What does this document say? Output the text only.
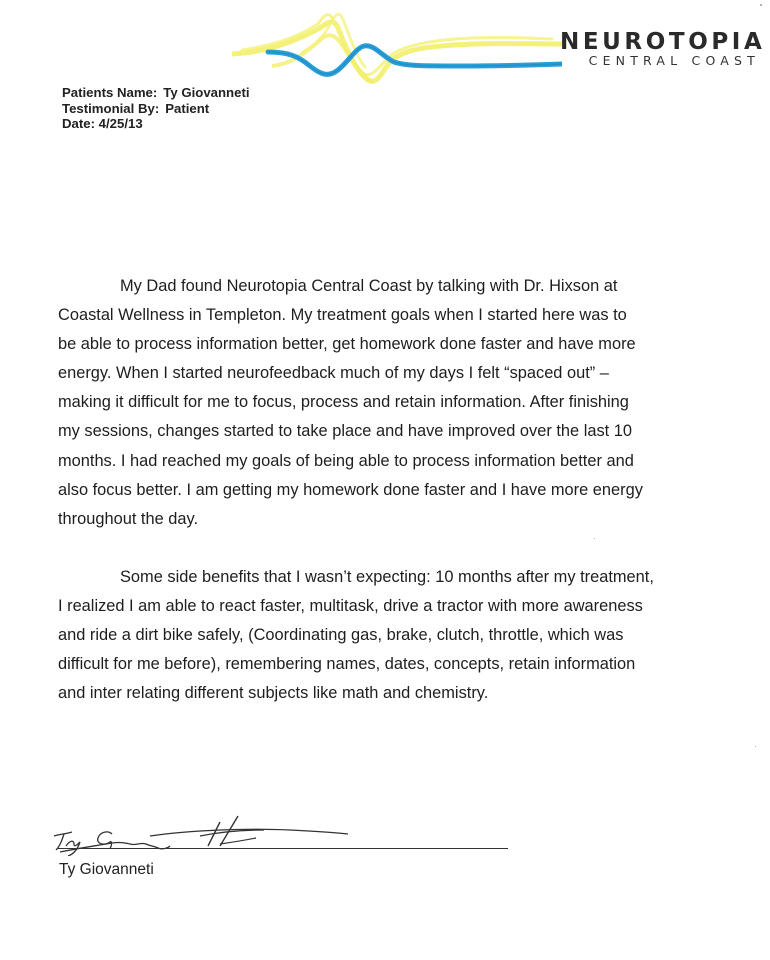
NEUROTOPIA
CENTRAL COAST
Patients Name: Ty Giovanneti
Testimonial By: Patient
Date: 4/25/13

My Dad found Neurotopia Central Coast by talking with Dr. Hixson at
Coastal Wellness in Templeton. My treatment goals when I started here was to
be able to process information better, get homework done faster and have more
energy. When I started neurofeedback much of my days I felt “spaced out” –
making it difficult for me to focus, process and retain information. After finishing
my sessions, changes started to take place and have improved over the last 10
months. I had reached my goals of being able to process information better and
also focus better. I am getting my homework done faster and I have more energy
throughout the day.

Some side benefits that I wasn’t expecting: 10 months after my treatment,
I realized I am able to react faster, multitask, drive a tractor with more awareness
and ride a dirt bike safely, (Coordinating gas, brake, clutch, throttle, which was
difficult for me before), remembering names, dates, concepts, retain information
and inter relating different subjects like math and chemistry.

Ty Giovanneti
